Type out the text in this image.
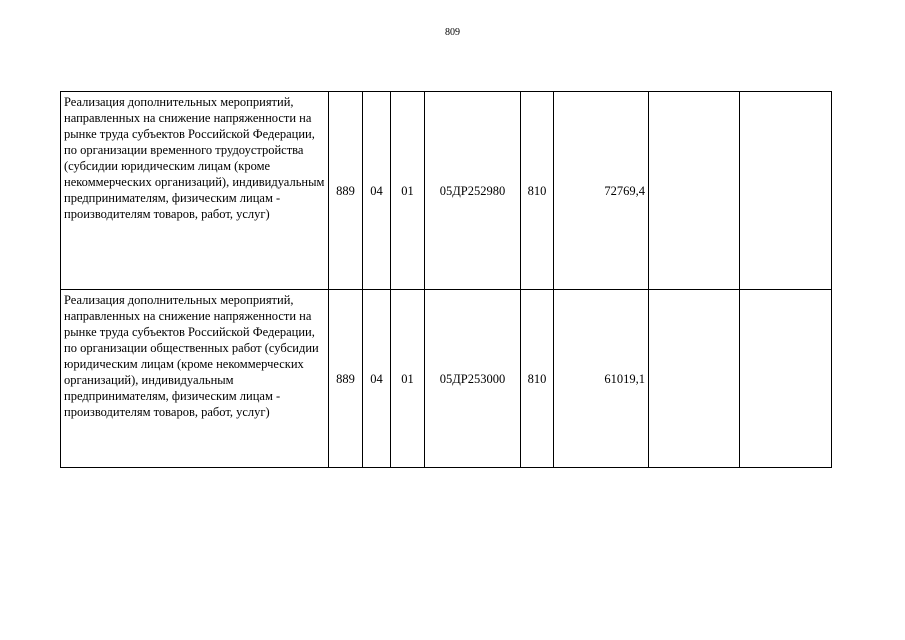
809
Реализация дополнительных мероприятий, направленных на снижение напряженности на рынке труда субъектов Российской Федерации, по организации временного трудоустройства (субсидии юридическим лицам (кроме некоммерческих организаций), индивидуальным предпринимателям, физическим лицам - производителям товаров, работ, услуг)	889	04	01	05ДР252980	810	72769,4		
Реализация дополнительных мероприятий, направленных на снижение напряженности на рынке труда субъектов Российской Федерации, по организации общественных работ (субсидии юридическим лицам (кроме некоммерческих организаций), индивидуальным предпринимателям, физическим лицам - производителям товаров, работ, услуг)	889	04	01	05ДР253000	810	61019,1		
